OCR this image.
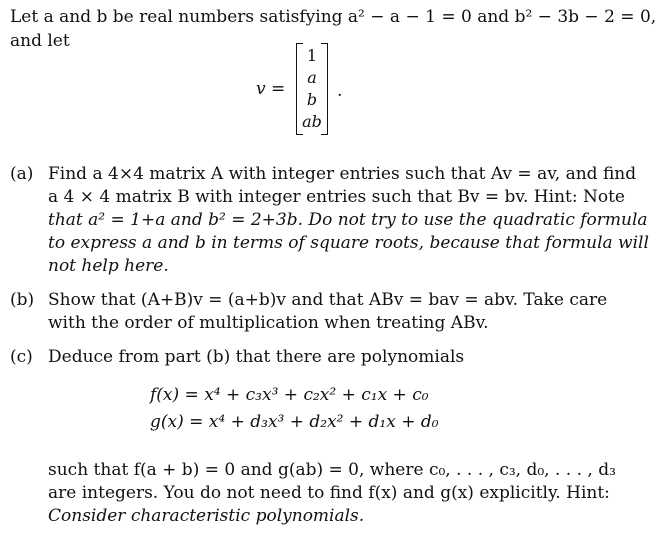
Let a and b be real numbers satisfying a² − a − 1 = 0 and b² − 3b − 2 = 0,
and let
v =
1
a
b
ab
.
(a) Find a 4×4 matrix A with integer entries such that Av = av, and find
a 4 × 4 matrix B with integer entries such that Bv = bv. Hint: Note
that a² = 1+a and b² = 2+3b. Do not try to use the quadratic formula
to express a and b in terms of square roots, because that formula will
not help here.
(b) Show that (A+B)v = (a+b)v and that ABv = bav = abv. Take care
with the order of multiplication when treating ABv.
(c) Deduce from part (b) that there are polynomials
f(x) = x⁴ + c₃x³ + c₂x² + c₁x + c₀
g(x) = x⁴ + d₃x³ + d₂x² + d₁x + d₀
such that f(a + b) = 0 and g(ab) = 0, where c₀, . . . , c₃, d₀, . . . , d₃
are integers. You do not need to find f(x) and g(x) explicitly. Hint:
Consider characteristic polynomials.
